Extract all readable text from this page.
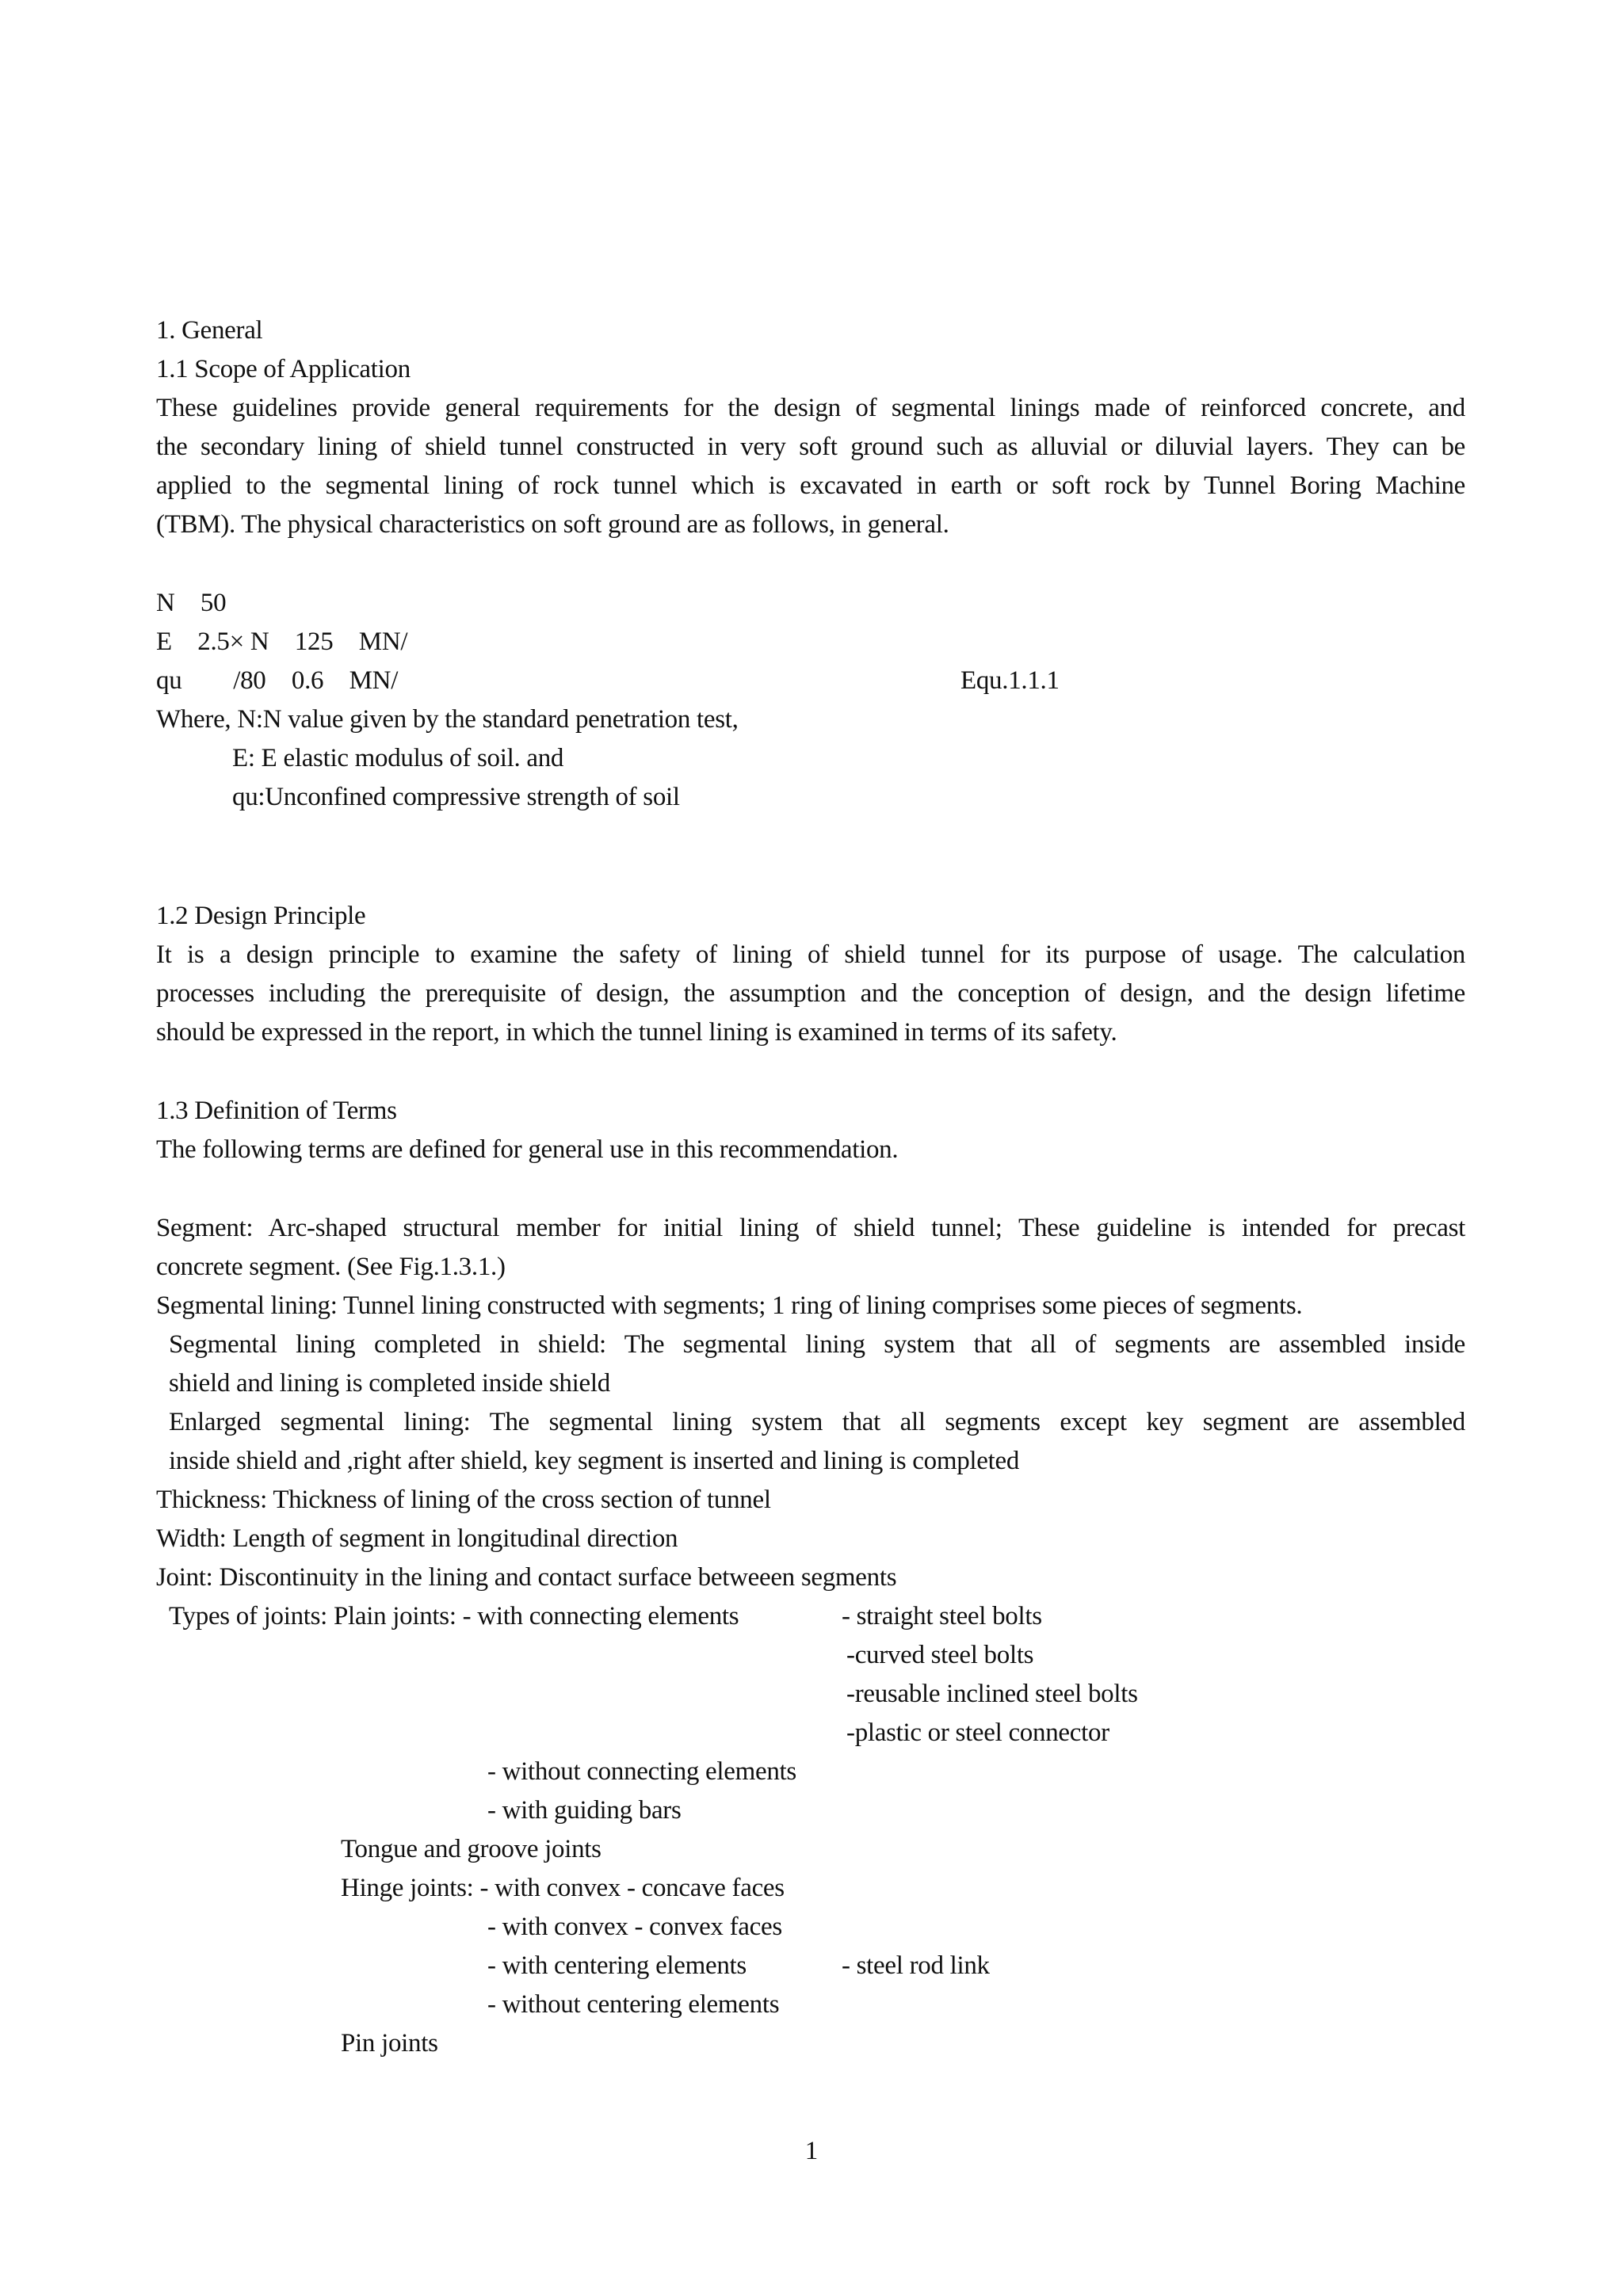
1. General
1.1 Scope of Application
These guidelines provide general requirements for the design of segmental linings made of reinforced concrete, and
the secondary lining of shield tunnel constructed in very soft ground such as alluvial or diluvial layers. They can be
applied to the segmental lining of rock tunnel which is excavated in earth or soft rock by Tunnel Boring Machine
(TBM). The physical characteristics on soft ground are as follows, in general.
N  50
E  2.5× N  125  MN/
qu    /80  0.6  MN/	Equ.1.1.1
Where, N:N value given by the standard penetration test,
E: E elastic modulus of soil. and
qu:Unconfined compressive strength of soil
1.2 Design Principle
It is a design principle to examine the safety of lining of shield tunnel for its purpose of usage. The calculation
processes including the prerequisite of design, the assumption and the conception of design, and the design lifetime
should be expressed in the report, in which the tunnel lining is examined in terms of its safety.
1.3 Definition of Terms
The following terms are defined for general use in this recommendation.
Segment: Arc-shaped structural member for initial lining of shield tunnel; These guideline is intended for precast
concrete segment. (See Fig.1.3.1.)
Segmental lining: Tunnel lining constructed with segments; 1 ring of lining comprises some pieces of segments.
Segmental lining completed in shield: The segmental lining system that all of segments are assembled inside
shield and lining is completed inside shield
Enlarged segmental lining: The segmental lining system that all segments except key segment are assembled
inside shield and ,right after shield, key segment is inserted and lining is completed
Thickness: Thickness of lining of the cross section of tunnel
Width: Length of segment in longitudinal direction
Joint: Discontinuity in the lining and contact surface betweeen segments
Types of joints: Plain joints: - with connecting elements	- straight steel bolts
-curved steel bolts
-reusable inclined steel bolts
-plastic or steel connector
- without connecting elements
- with guiding bars
Tongue and groove joints
Hinge joints: - with convex - concave faces
- with convex - convex faces
- with centering elements	- steel rod link
- without centering elements
Pin joints
1
